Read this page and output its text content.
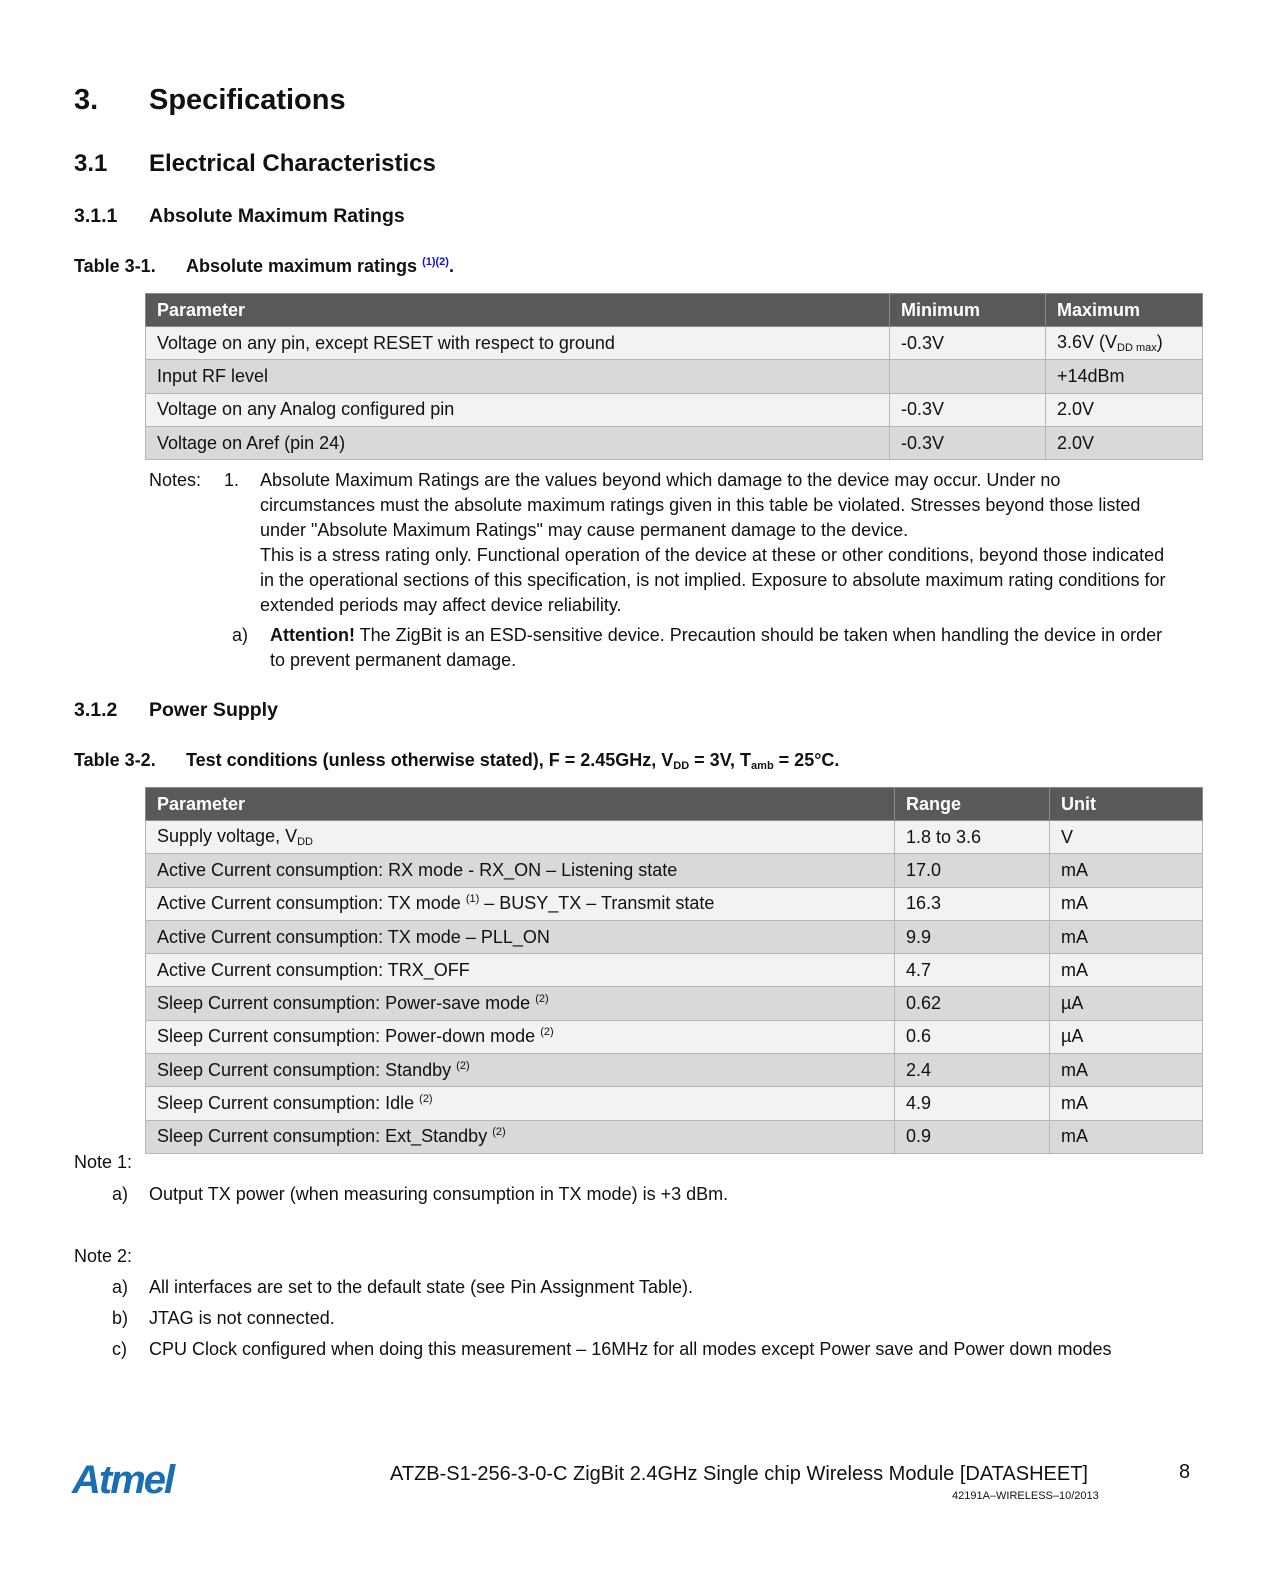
3. Specifications
3.1 Electrical Characteristics
3.1.1 Absolute Maximum Ratings
Table 3-1. Absolute maximum ratings $^{(1)(2)}$.
Parameter	Minimum	Maximum
Voltage on any pin, except RESET with respect to ground	-0.3V	3.6V $(V_{DD max})$
Input RF level		+14dBm
Voltage on any Analog configured pin	-0.3V	2.0V
Voltage on Aref (pin 24)	-0.3V	2.0V
Notes: 1. Absolute Maximum Ratings are the values beyond which damage to the device may occur. Under no circumstances must the absolute maximum ratings given in this table be violated. Stresses beyond those listed under "Absolute Maximum Ratings" may cause permanent damage to the device.
This is a stress rating only. Functional operation of the device at these or other conditions, beyond those indicated in the operational sections of this specification, is not implied. Exposure to absolute maximum rating conditions for extended periods may affect device reliability.
a) Attention! The ZigBit is an ESD-sensitive device. Precaution should be taken when handling the device in order to prevent permanent damage.
3.1.2 Power Supply
Table 3-2. Test conditions (unless otherwise stated), F = 2.45GHz, $V_{DD} = 3V$, $T_{amb} = 25^\circ C$.
Parameter	Range	Unit
Supply voltage, $V_{DD}$	1.8 to 3.6	V
Active Current consumption: RX mode - RX_ON – Listening state	17.0	mA
Active Current consumption: TX mode $^{(1)}$ – BUSY_TX – Transmit state	16.3	mA
Active Current consumption: TX mode – PLL_ON	9.9	mA
Active Current consumption: TRX_OFF	4.7	mA
Sleep Current consumption: Power-save mode $^{(2)}$	0.62	µA
Sleep Current consumption: Power-down mode $^{(2)}$	0.6	µA
Sleep Current consumption: Standby $^{(2)}$	2.4	mA
Sleep Current consumption: Idle $^{(2)}$	4.9	mA
Sleep Current consumption: Ext_Standby $^{(2)}$	0.9	mA
Note 1:
a) Output TX power (when measuring consumption in TX mode) is +3 dBm.
Note 2:
a) All interfaces are set to the default state (see Pin Assignment Table).
b) JTAG is not connected.
c) CPU Clock configured when doing this measurement – 16MHz for all modes except Power save and Power down modes
Atmel	ATZB-S1-256-3-0-C ZigBit 2.4GHz Single chip Wireless Module [DATASHEET]	8
42191A–WIRELESS–10/2013
